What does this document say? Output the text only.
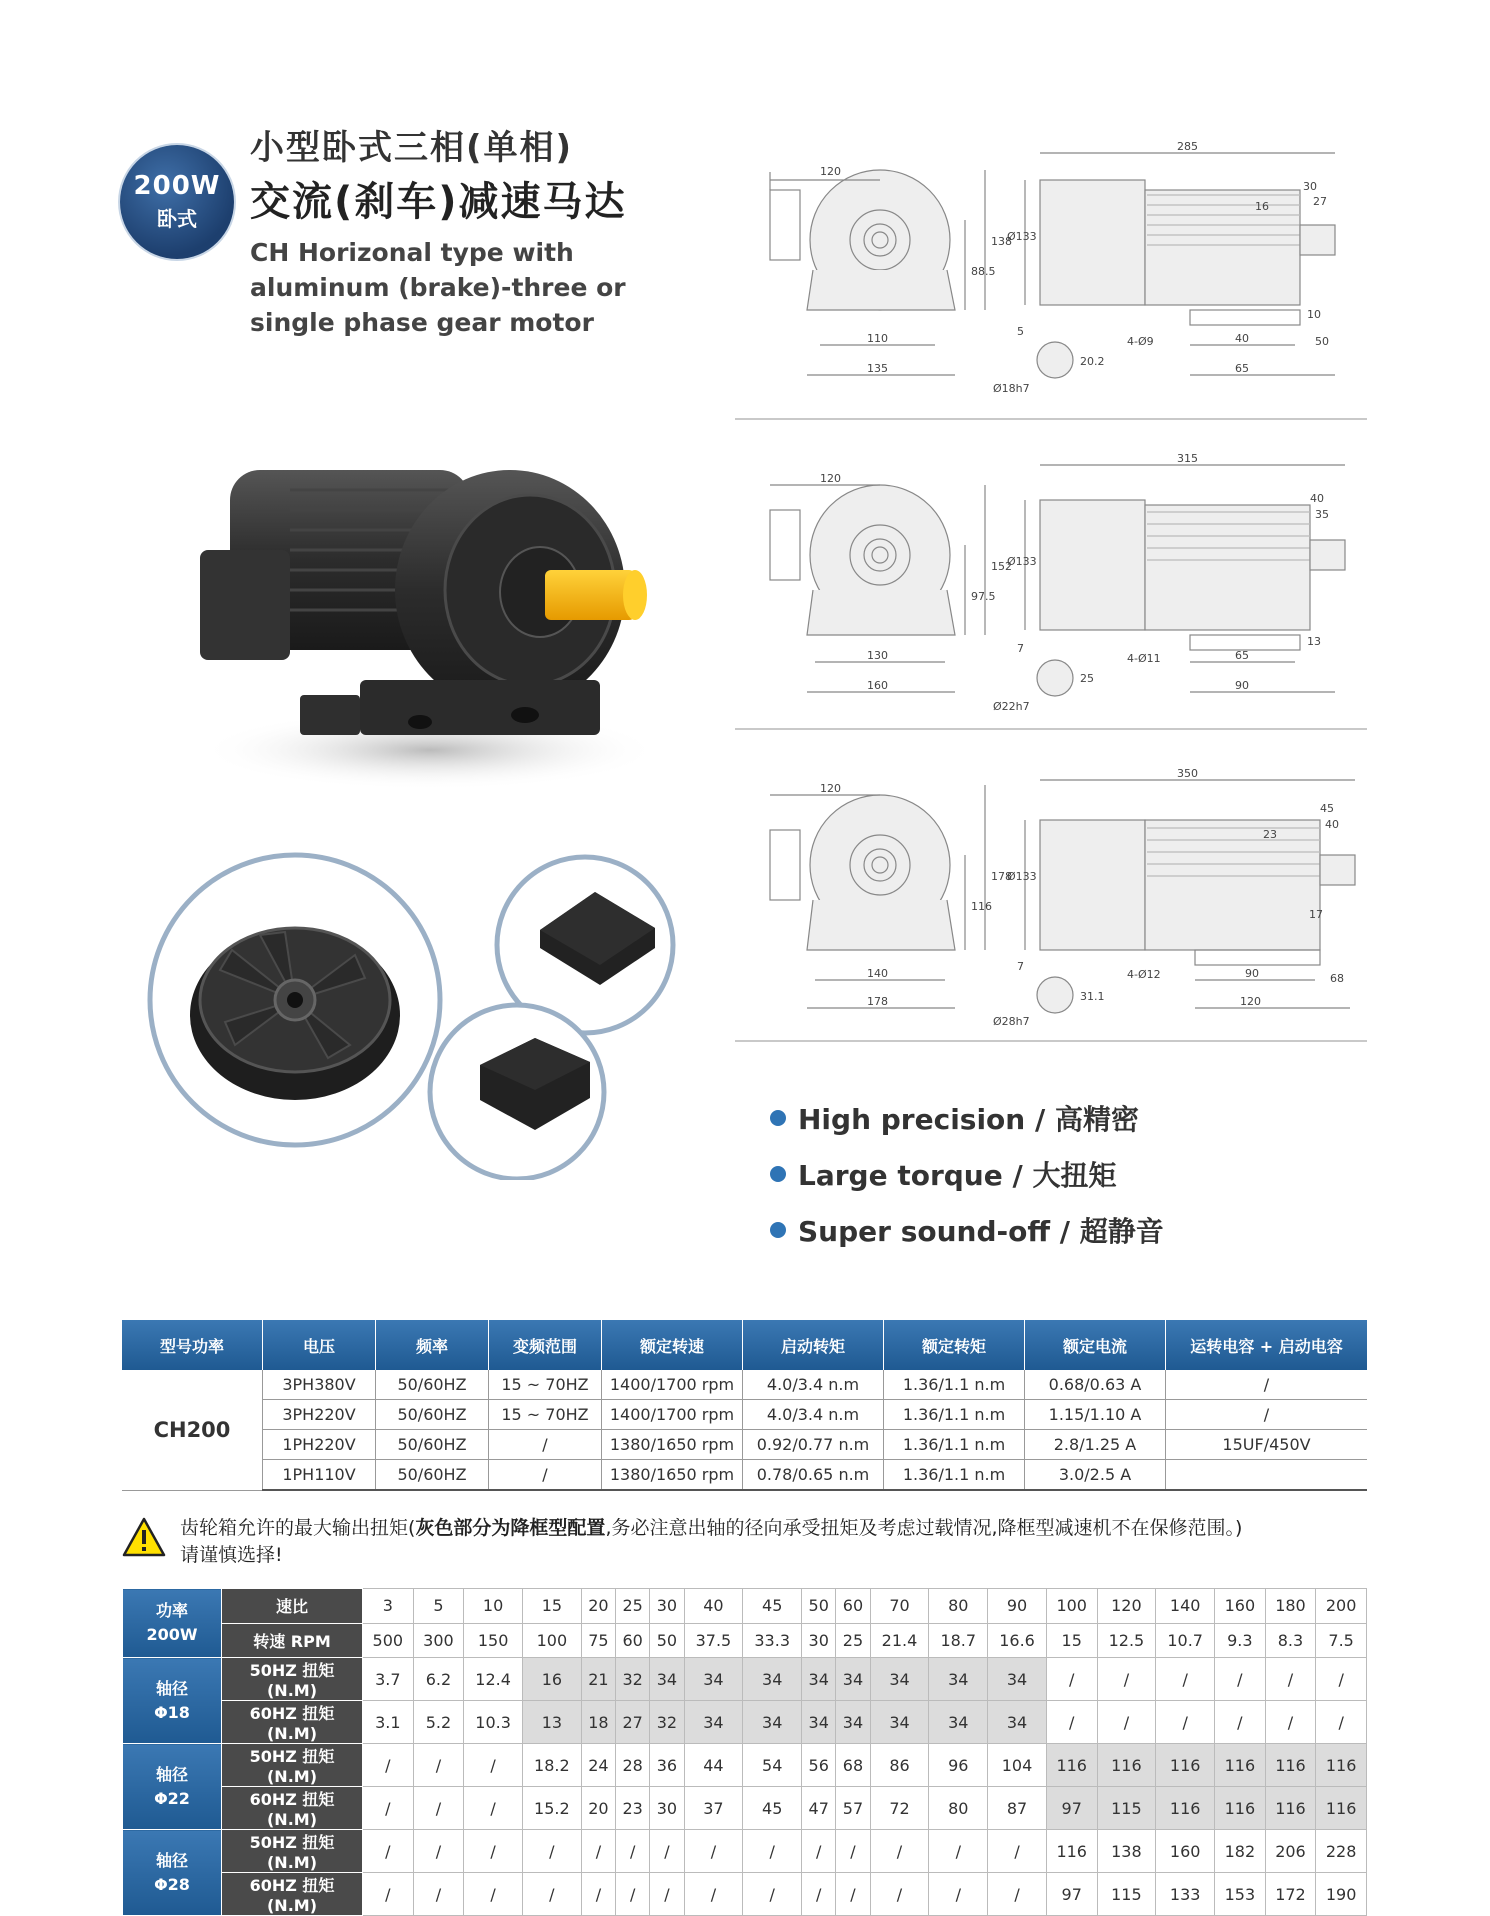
200W
卧式
小型卧式三相(单相)
交流(刹车)减速马达
CH Horizonal type with aluminum (brake)-three or single phase gear motor
120
138
88.5
Ø133
110
135
285
30
27
16
10
40
65
50
5
Ø18h7
20.2
4-Ø9
120
152
97.5
Ø133
130
160
315
40
35
13
65
90
7
Ø22h7
25
4-Ø11
120
178
116
Ø133
140
178
350
45
40
23
17
90
120
68
7
Ø28h7
31.1
4-Ø12
High precision / 高精密
Large torque / 大扭矩
Super sound-off / 超静音
型号功率	电压	频率	变频范围	额定转速	启动转矩	额定转矩	额定电流	运转电容 + 启动电容
CH200	3PH380V	50/60HZ	15 ~ 70HZ	1400/1700 rpm	4.0/3.4 n.m	1.36/1.1 n.m	0.68/0.63 A	/
	3PH220V	50/60HZ	15 ~ 70HZ	1400/1700 rpm	4.0/3.4 n.m	1.36/1.1 n.m	1.15/1.10 A	/
	1PH220V	50/60HZ	/	1380/1650 rpm	0.92/0.77 n.m	1.36/1.1 n.m	2.8/1.25 A	15UF/450V
	1PH110V	50/60HZ	/	1380/1650 rpm	0.78/0.65 n.m	1.36/1.1 n.m	3.0/2.5 A	
齿轮箱允许的最大输出扭矩(灰色部分为降框型配置,务必注意出轴的径向承受扭矩及考虑过载情况,降框型减速机不在保修范围。)
请谨慎选择!
功率
200W	速比	3	5	10	15	20	25	30	40	45	50	60	70	80	90	100	120	140	160	180	200
	转速 RPM	500	300	150	100	75	60	50	37.5	33.3	30	25	21.4	18.7	16.6	15	12.5	10.7	9.3	8.3	7.5

轴径
Φ18	50HZ 扭矩 (N.M)	3.7	6.2	12.4	16	21	32	34	34	34	34	34	34	34	34	/	/	/	/	/	/
	60HZ 扭矩 (N.M)	3.1	5.2	10.3	13	18	27	32	34	34	34	34	34	34	34	/	/	/	/	/	/

轴径
Φ22	50HZ 扭矩 (N.M)	/	/	/	18.2	24	28	36	44	54	56	68	86	96	104	116	116	116	116	116	116
	60HZ 扭矩 (N.M)	/	/	/	15.2	20	23	30	37	45	47	57	72	80	87	97	115	116	116	116	116

轴径
Φ28	50HZ 扭矩 (N.M)	/	/	/	/	/	/	/	/	/	/	/	/	/	/	116	138	160	182	206	228
	60HZ 扭矩 (N.M)	/	/	/	/	/	/	/	/	/	/	/	/	/	/	97	115	133	153	172	190
